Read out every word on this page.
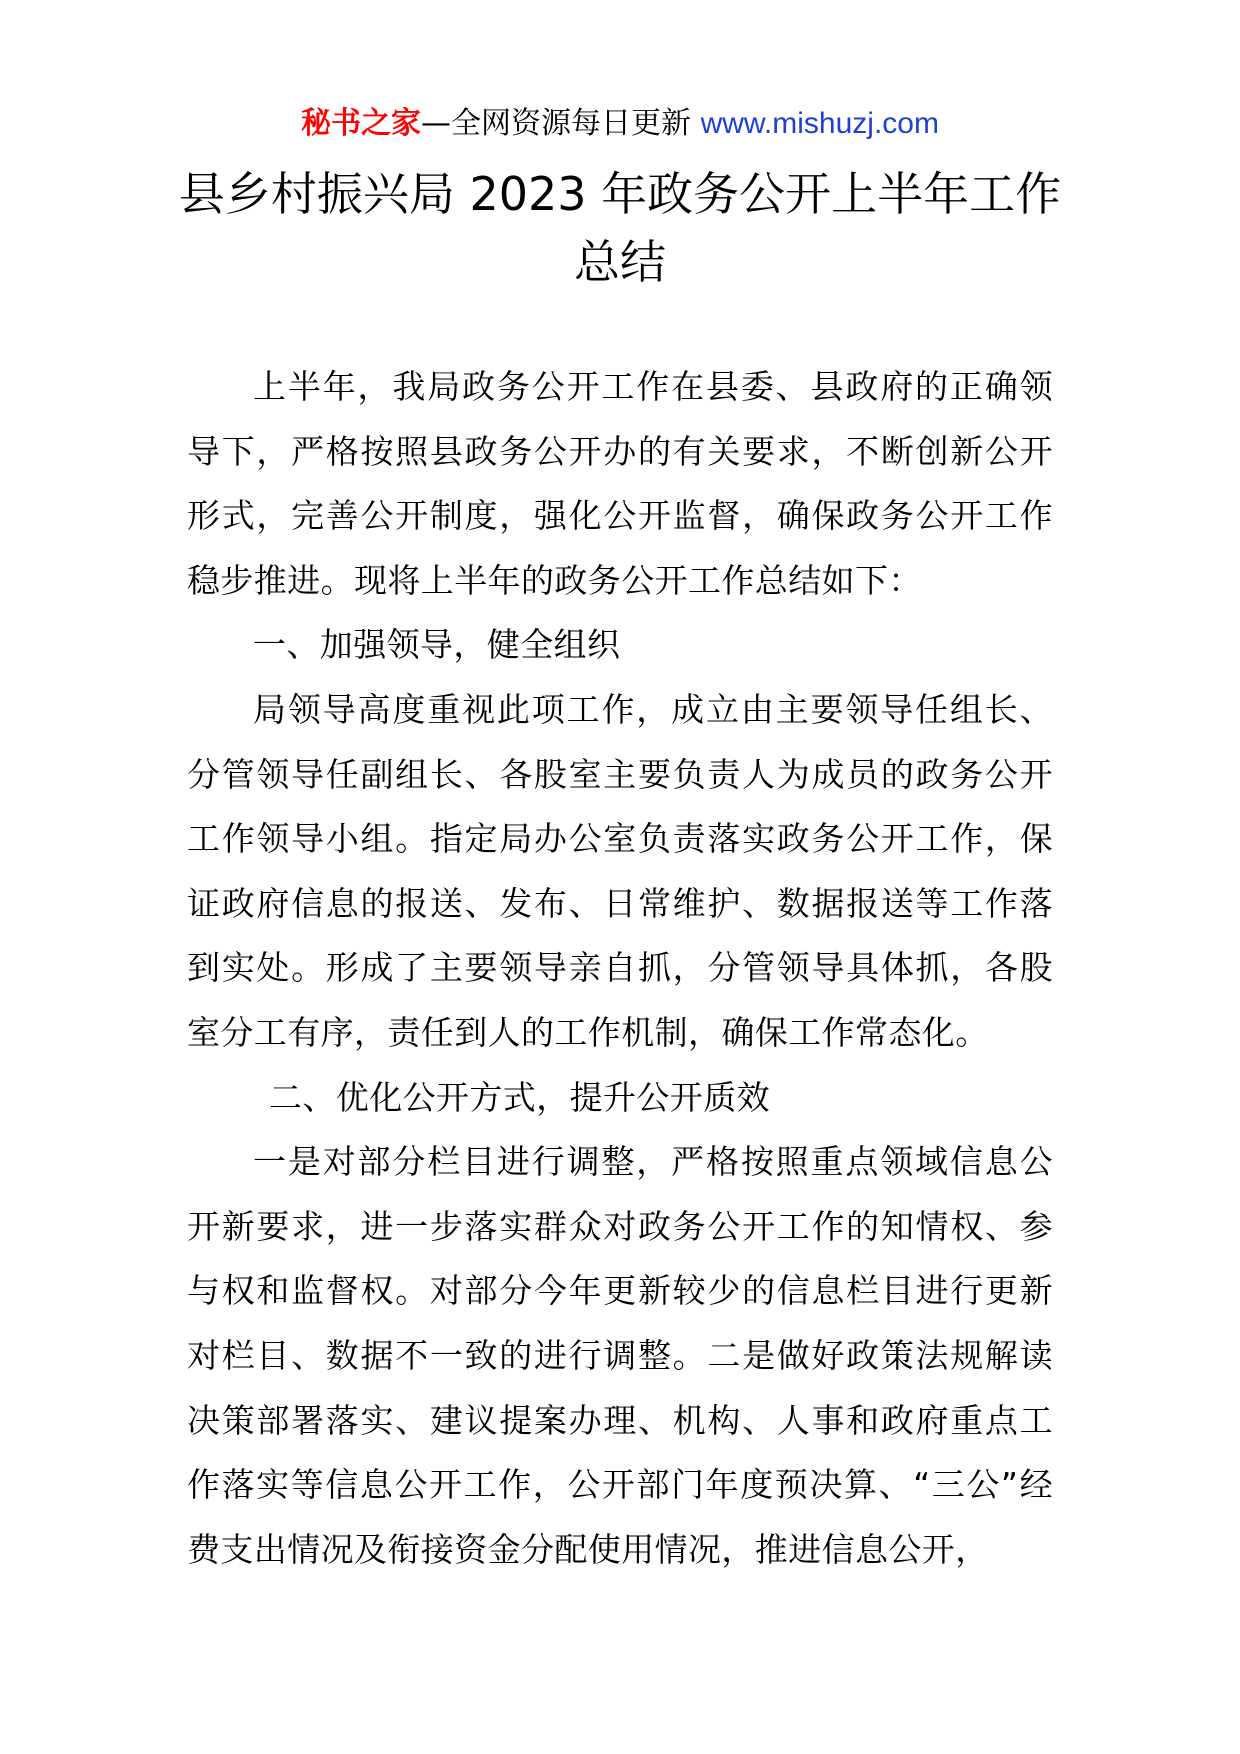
秘书之家—全网资源每日更新 www.mishuzj.com
县乡村振兴局 2023 年政务公开上半年工作
总结

上半年，我局政务公开工作在县委、县政府的正确领导下，严格按照县政务公开办的有关要求，不断创新公开形式，完善公开制度，强化公开监督，确保政务公开工作稳步推进。现将上半年的政务公开工作总结如下：

一、加强领导，健全组织

局领导高度重视此项工作，成立由主要领导任组长、分管领导任副组长、各股室主要负责人为成员的政务公开工作领导小组。指定局办公室负责落实政务公开工作，保证政府信息的报送、发布、日常维护、数据报送等工作落到实处。形成了主要领导亲自抓，分管领导具体抓，各股室分工有序，责任到人的工作机制，确保工作常态化。

二、优化公开方式，提升公开质效

一是对部分栏目进行调整，严格按照重点领域信息公开新要求，进一步落实群众对政务公开工作的知情权、参与权和监督权。对部分今年更新较少的信息栏目进行更新对栏目、数据不一致的进行调整。二是做好政策法规解读决策部署落实、建议提案办理、机构、人事和政府重点工作落实等信息公开工作，公开部门年度预决算、“三公”经费支出情况及衔接资金分配使用情况，推进信息公开，
